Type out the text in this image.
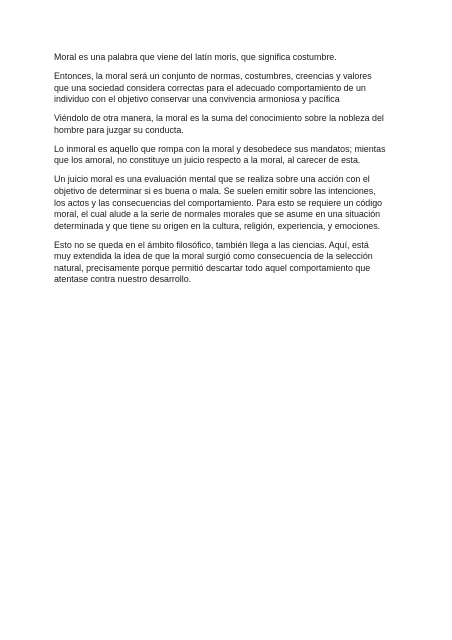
Moral es una palabra que viene del latín moris, que significa costumbre.

Entonces, la moral será un conjunto de normas, costumbres, creencias y valores
que una sociedad considera correctas para el adecuado comportamiento de un
individuo con el objetivo conservar una convivencia armoniosa y pacífica

Viéndolo de otra manera, la moral es la suma del conocimiento sobre la nobleza del
hombre para juzgar su conducta.

Lo inmoral es aquello que rompa con la moral y desobedece sus mandatos; mientas
que los amoral, no constituye un juicio respecto a la moral, al carecer de esta.

Un juicio moral es una evaluación mental que se realiza sobre una acción con el
objetivo de determinar si es buena o mala. Se suelen emitir sobre las intenciones,
los actos y las consecuencias del comportamiento. Para esto se requiere un código
moral, el cual alude a la serie de normales morales que se asume en una situación
determinada y que tiene su origen en la cultura, religión, experiencia, y emociones.

Esto no se queda en el ámbito filosófico, también llega a las ciencias. Aquí, está
muy extendida la idea de que la moral surgió como consecuencia de la selección
natural, precisamente porque permitió descartar todo aquel comportamiento que
atentase contra nuestro desarrollo.
